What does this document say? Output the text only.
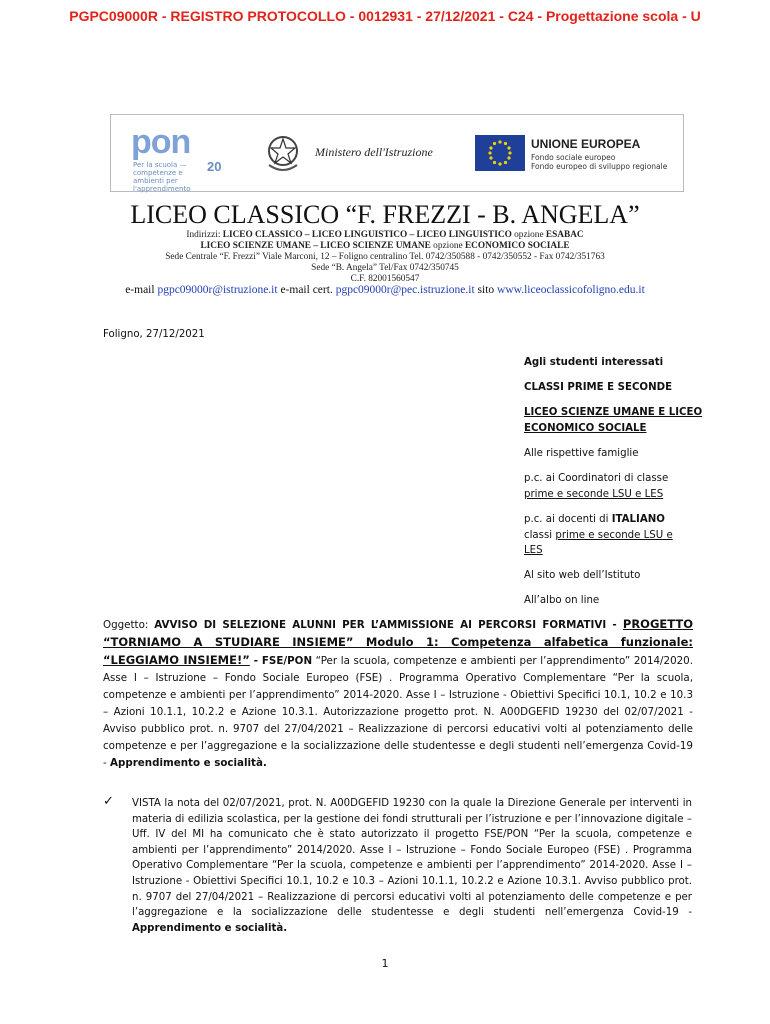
PGPC09000R - REGISTRO PROTOCOLLO - 0012931 - 27/12/2021 - C24 - Progettazione scola - U
pon
Per la scuola — competenze e ambienti per l'apprendimento
20
Ministero dell'Istruzione
UNIONE EUROPEA
Fondo sociale europeo
Fondo europeo di sviluppo regionale
LICEO CLASSICO “F. FREZZI - B. ANGELA”
Indirizzi: LICEO CLASSICO – LICEO LINGUISTICO – LICEO LINGUISTICO opzione ESABAC
LICEO SCIENZE UMANE – LICEO SCIENZE UMANE opzione ECONOMICO SOCIALE
Sede Centrale “F. Frezzi” Viale Marconi, 12 – Foligno centralino Tel. 0742/350588 - 0742/350552 - Fax 0742/351763
Sede “B. Angela” Tel/Fax 0742/350745
C.F. 82001560547
e-mail pgpc09000r@istruzione.it e-mail cert. pgpc09000r@pec.istruzione.it sito www.liceoclassicofoligno.edu.it
Foligno, 27/12/2021
Agli studenti interessati
CLASSI PRIME E SECONDE
LICEO SCIENZE UMANE E LICEO
ECONOMICO SOCIALE
Alle rispettive famiglie
p.c. ai Coordinatori di classe
prime e seconde LSU e LES
p.c. ai docenti di ITALIANO
classi prime e seconde LSU e
LES
Al sito web dell’Istituto
All’albo on line
Oggetto: AVVISO DI SELEZIONE ALUNNI PER L’AMMISSIONE AI PERCORSI FORMATIVI - PROGETTO “TORNIAMO A STUDIARE INSIEME” Modulo 1: Competenza alfabetica funzionale: “LEGGIAMO INSIEME!” - FSE/PON “Per la scuola, competenze e ambienti per l’apprendimento” 2014/2020. Asse I – Istruzione – Fondo Sociale Europeo (FSE) . Programma Operativo Complementare “Per la scuola, competenze e ambienti per l’apprendimento” 2014-2020. Asse I – Istruzione - Obiettivi Specifici 10.1, 10.2 e 10.3 – Azioni 10.1.1, 10.2.2 e Azione 10.3.1. Autorizzazione progetto prot. N. A00DGEFID 19230 del 02/07/2021 - Avviso pubblico prot. n. 9707 del 27/04/2021 – Realizzazione di percorsi educativi volti al potenziamento delle competenze e per l’aggregazione e la socializzazione delle studentesse e degli studenti nell’emergenza Covid-19 - Apprendimento e socialità.
✓ VISTA la nota del 02/07/2021, prot. N. A00DGEFID 19230 con la quale la Direzione Generale per interventi in materia di edilizia scolastica, per la gestione dei fondi strutturali per l’istruzione e per l’innovazione digitale – Uff. IV del MI ha comunicato che è stato autorizzato il progetto FSE/PON “Per la scuola, competenze e ambienti per l’apprendimento” 2014/2020. Asse I – Istruzione – Fondo Sociale Europeo (FSE) . Programma Operativo Complementare “Per la scuola, competenze e ambienti per l’apprendimento” 2014-2020. Asse I – Istruzione - Obiettivi Specifici 10.1, 10.2 e 10.3 – Azioni 10.1.1, 10.2.2 e Azione 10.3.1. Avviso pubblico prot. n. 9707 del 27/04/2021 – Realizzazione di percorsi educativi volti al potenziamento delle competenze e per l’aggregazione e la socializzazione delle studentesse e degli studenti nell’emergenza Covid-19 - Apprendimento e socialità.
1
